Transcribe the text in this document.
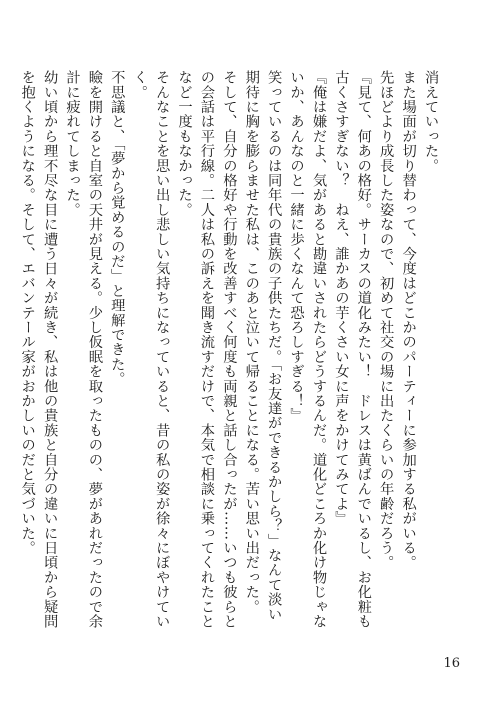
消えていった。

また場面が切り替わって、今度はどこかのパーティーに参加する私がいる。

先ほどより成長した姿なので、初めて社交の場に出たくらいの年齢だろう。

『見て、何あの格好。サーカスの道化みたい！　ドレスは黄ばんでいるし、お化粧も古くさすぎない？　ねえ、誰かあの芋くさい女に声をかけてみてよ』

『俺は嫌だよ、気があると勘違いされたらどうするんだ。道化どころか化け物じゃないか、あんなのと一緒に歩くなんて恐ろしすぎる！』

笑っているのは同年代の貴族の子供たちだ。「お友達ができるかしら？」なんて淡い期待に胸を膨らませた私は、このあと泣いて帰ることになる。苦い思い出だった。

そして、自分の格好や行動を改善すべく何度も両親と話し合ったが……いつも彼らとの会話は平行線。二人は私の訴えを聞き流すだけで、本気で相談に乗ってくれたことなど一度もなかった。

そんなことを思い出し悲しい気持ちになっていると、昔の私の姿が徐々にぼやけていく。

不思議と、「夢から覚めるのだ」と理解できた。

瞼を開けると自室の天井が見える。少し仮眠を取ったものの、夢があれだったので余計に疲れてしまった。

幼い頃から理不尽な目に遭う日々が続き、私は他の貴族と自分の違いに日頃から疑問を抱くようになる。そして、エバンテール家がおかしいのだと気づいた。

16
